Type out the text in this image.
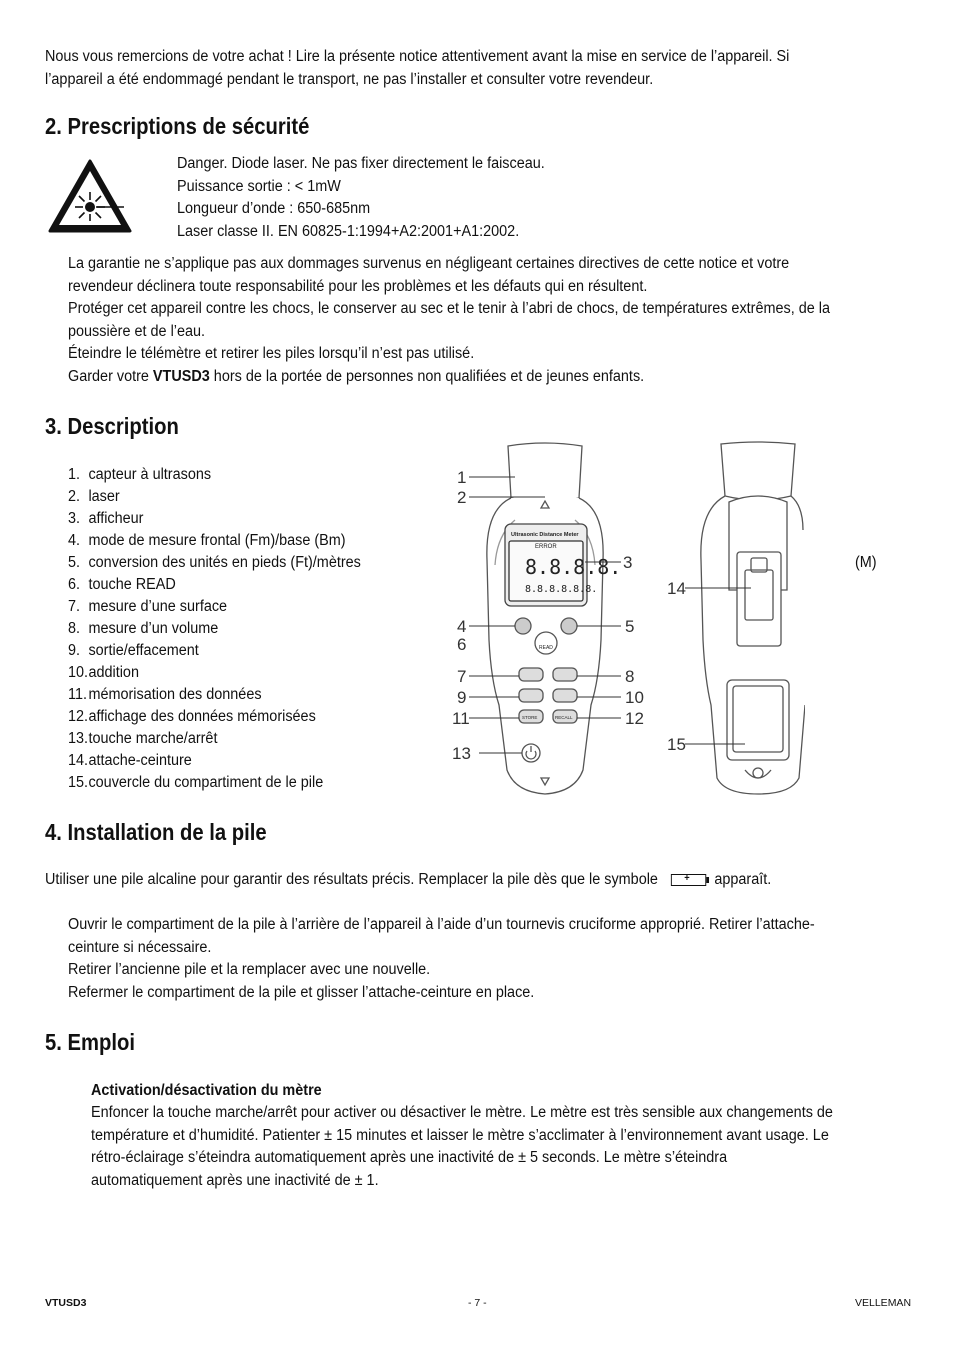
Nous vous remercions de votre achat ! Lire la présente notice attentivement avant la mise en service de l’appareil. Si
l’appareil a été endommagé pendant le transport, ne pas l’installer et consulter votre revendeur.
2. Prescriptions de sécurité
Danger. Diode laser. Ne pas fixer directement le faisceau.
Puissance sortie : < 1mW
Longueur d’onde : 650-685nm
Laser classe II. EN 60825-1:1994+A2:2001+A1:2002.
La garantie ne s’applique pas aux dommages survenus en négligeant certaines directives de cette notice et votre
revendeur déclinera toute responsabilité pour les problèmes et les défauts qui en résultent.
Protéger cet appareil contre les chocs, le conserver au sec et le tenir à l’abri de chocs, de températures extrêmes, de la
poussière et de l’eau.
Éteindre le télémètre et retirer les piles lorsqu’il n’est pas utilisé.
Garder votre VTUSD3 hors de la portée de personnes non qualifiées et de jeunes enfants.
3. Description
1. capteur à ultrasons
2. laser
3. afficheur
4. mode de mesure frontal (Fm)/base (Bm)
5. conversion des unités en pieds (Ft)/mètres
6. touche READ
7. mesure d’une surface
8. mesure d’un volume
9. sortie/effacement
10.addition
11.mémorisation des données
12.affichage des données mémorisées
13.touche marche/arrêt
14.attache-ceinture
15.couvercle du compartiment de le pile
(M)
Ultrasonic Distance Meter
ERROR
8.8.8.8.
8.8.8.8.8.8.
READ
STORE	RECALL
1
2
3
4	5
6
7	8
9	10
11	12
13
14
15
4. Installation de la pile
Utiliser une pile alcaline pour garantir des résultats précis. Remplacer la pile dès que le symbole	+ apparaît.
Ouvrir le compartiment de la pile à l’arrière de l’appareil à l’aide d’un tournevis cruciforme approprié. Retirer l’attache-
ceinture si nécessaire.
Retirer l’ancienne pile et la remplacer avec une nouvelle.
Refermer le compartiment de la pile et glisser l’attache-ceinture en place.
5. Emploi
Activation/désactivation du mètre
Enfoncer la touche marche/arrêt pour activer ou désactiver le mètre. Le mètre est très sensible aux changements de
température et d’humidité. Patienter ± 15 minutes et laisser le mètre s’acclimater à l’environnement avant usage. Le
rétro-éclairage s’éteindra automatiquement après une inactivité de ± 5 seconds. Le mètre s’éteindra
automatiquement après une inactivité de ± 1.
VTUSD3	- 7 -	VELLEMAN
